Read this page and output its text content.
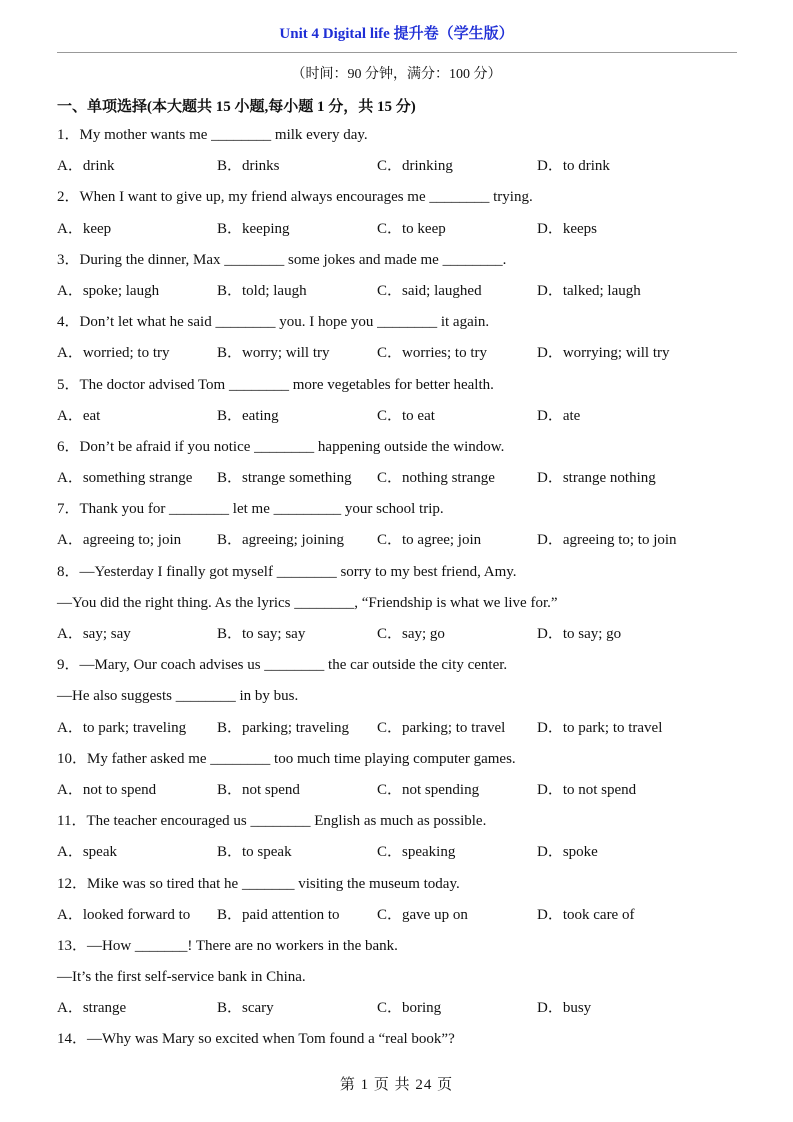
Unit 4 Digital life 提升卷（学生版）
（时间：90 分钟，满分：100 分）
一、单项选择(本大题共 15 小题,每小题 1 分，共 15 分)
1．My mother wants me ________ milk every day.
A．drink	B．drinks	C．drinking	D．to drink
2．When I want to give up, my friend always encourages me ________ trying.
A．keep	B．keeping	C．to keep	D．keeps
3．During the dinner, Max ________ some jokes and made me ________.
A．spoke; laugh	B．told; laugh	C．said; laughed	D．talked; laugh
4．Don’t let what he said ________ you. I hope you ________ it again.
A．worried; to try	B．worry; will try	C．worries; to try	D．worrying; will try
5．The doctor advised Tom ________ more vegetables for better health.
A．eat	B．eating	C．to eat	D．ate
6．Don’t be afraid if you notice ________ happening outside the window.
A．something strange	B．strange something	C．nothing strange	D．strange nothing
7．Thank you for ________ let me _________ your school trip.
A．agreeing to; join	B．agreeing; joining	C．to agree; join	D．agreeing to; to join
8．—Yesterday I finally got myself ________ sorry to my best friend, Amy.
—You did the right thing. As the lyrics ________, “Friendship is what we live for.”
A．say; say	B．to say; say	C．say; go	D．to say; go
9．—Mary, Our coach advises us ________ the car outside the city center.
—He also suggests ________ in by bus.
A．to park; traveling	B．parking; traveling	C．parking; to travel	D．to park; to travel
10．My father asked me ________ too much time playing computer games.
A．not to spend	B．not spend	C．not spending	D．to not spend
11．The teacher encouraged us ________ English as much as possible.
A．speak	B．to speak	C．speaking	D．spoke
12．Mike was so tired that he _______ visiting the museum today.
A．looked forward to	B．paid attention to	C．gave up on	D．took care of
13．—How _______! There are no workers in the bank.
—It’s the first self-service bank in China.
A．strange	B．scary	C．boring	D．busy
14．—Why was Mary so excited when Tom found a “real book”?
第 1 页 共 24 页
